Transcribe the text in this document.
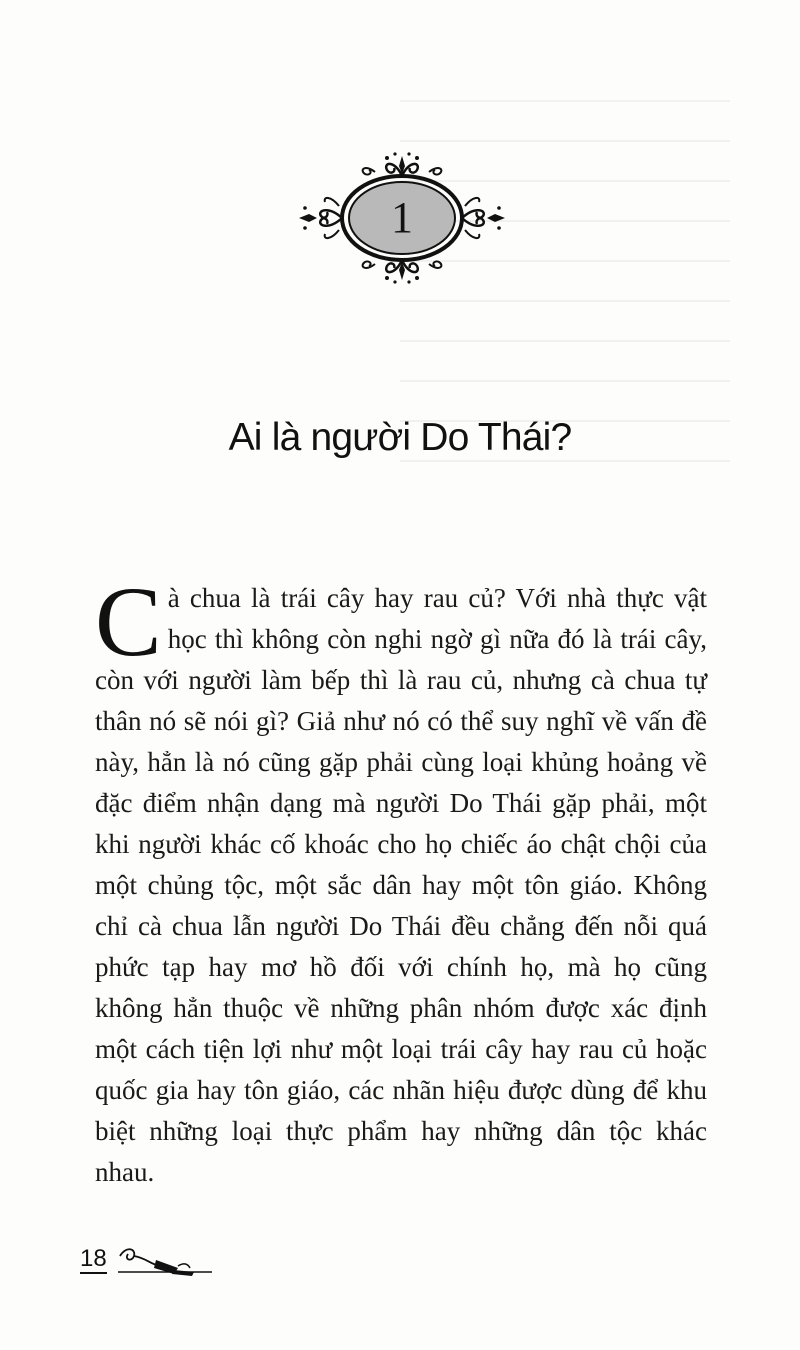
1
Ai là người Do Thái?

Cà chua là trái cây hay rau củ? Với nhà thực vật học thì không còn nghi ngờ gì nữa đó là trái cây, còn với người làm bếp thì là rau củ, nhưng cà chua tự thân nó sẽ nói gì? Giả như nó có thể suy nghĩ về vấn đề này, hẳn là nó cũng gặp phải cùng loại khủng hoảng về đặc điểm nhận dạng mà người Do Thái gặp phải, một khi người khác cố khoác cho họ chiếc áo chật chội của một chủng tộc, một sắc dân hay một tôn giáo. Không chỉ cà chua lẫn người Do Thái đều chẳng đến nỗi quá phức tạp hay mơ hồ đối với chính họ, mà họ cũng không hẳn thuộc về những phân nhóm được xác định một cách tiện lợi như một loại trái cây hay rau củ hoặc quốc gia hay tôn giáo, các nhãn hiệu được dùng để khu biệt những loại thực phẩm hay những dân tộc khác nhau.

18
